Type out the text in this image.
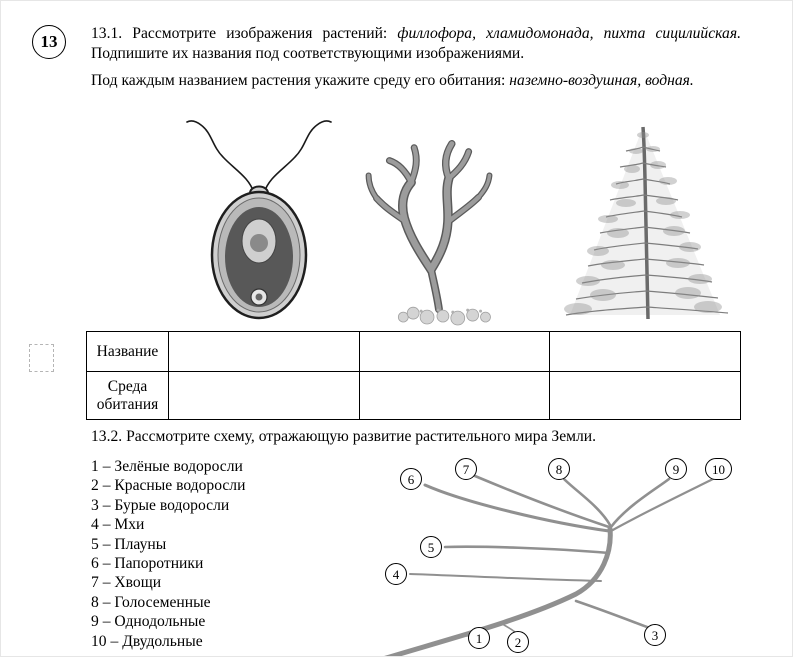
13	13.1. Рассмотрите изображения растений: филлофора, хламидомонада, пихта сицилийская. Подпишите их названия под соответствующими изображениями.
Под каждым названием растения укажите среду его обитания: наземно-воздушная, водная.
Название			
Среда обитания			
13.2. Рассмотрите схему, отражающую развитие растительного мира Земли.
1 – Зелёные водоросли
2 – Красные водоросли
3 – Бурые водоросли
4 – Мхи
5 – Плауны
6 – Папоротники
7 – Хвощи
8 – Голосеменные
9 – Однодольные
10 – Двудольные	1	2	3
4
5
6
7	8	9	10
